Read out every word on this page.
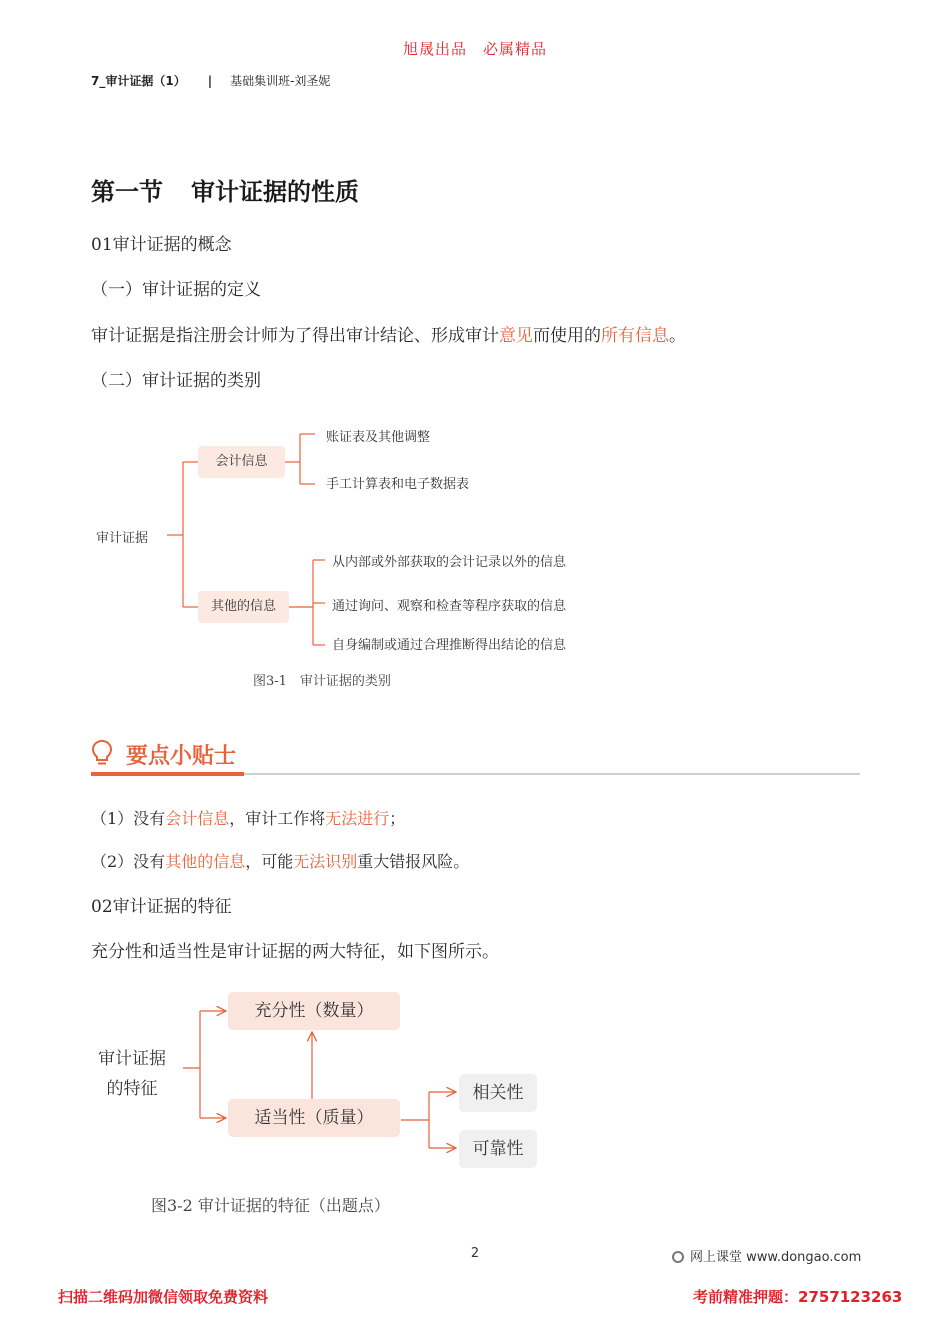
旭晟出品　必属精品
7_审计证据（1） | 基础集训班-刘圣妮
第一节 审计证据的性质
01审计证据的概念
（一）审计证据的定义
审计证据是指注册会计师为了得出审计结论、形成审计意见而使用的所有信息。
（二）审计证据的类别
审计证据
会计信息
其他的信息
账证表及其他调整
手工计算表和电子数据表
从内部或外部获取的会计记录以外的信息
通过询问、观察和检查等程序获取的信息
自身编制或通过合理推断得出结论的信息
图3-1　审计证据的类别
要点小贴士
（1）没有会计信息，审计工作将无法进行；
（2）没有其他的信息，可能无法识别重大错报风险。
02审计证据的特征
充分性和适当性是审计证据的两大特征，如下图所示。
审计证据
的特征
充分性（数量）
适当性（质量）
相关性
可靠性
图3-2 审计证据的特征（出题点）
2	网上课堂 www.dongao.com
扫描二维码加微信领取免费资料	考前精准押题：2757123263
